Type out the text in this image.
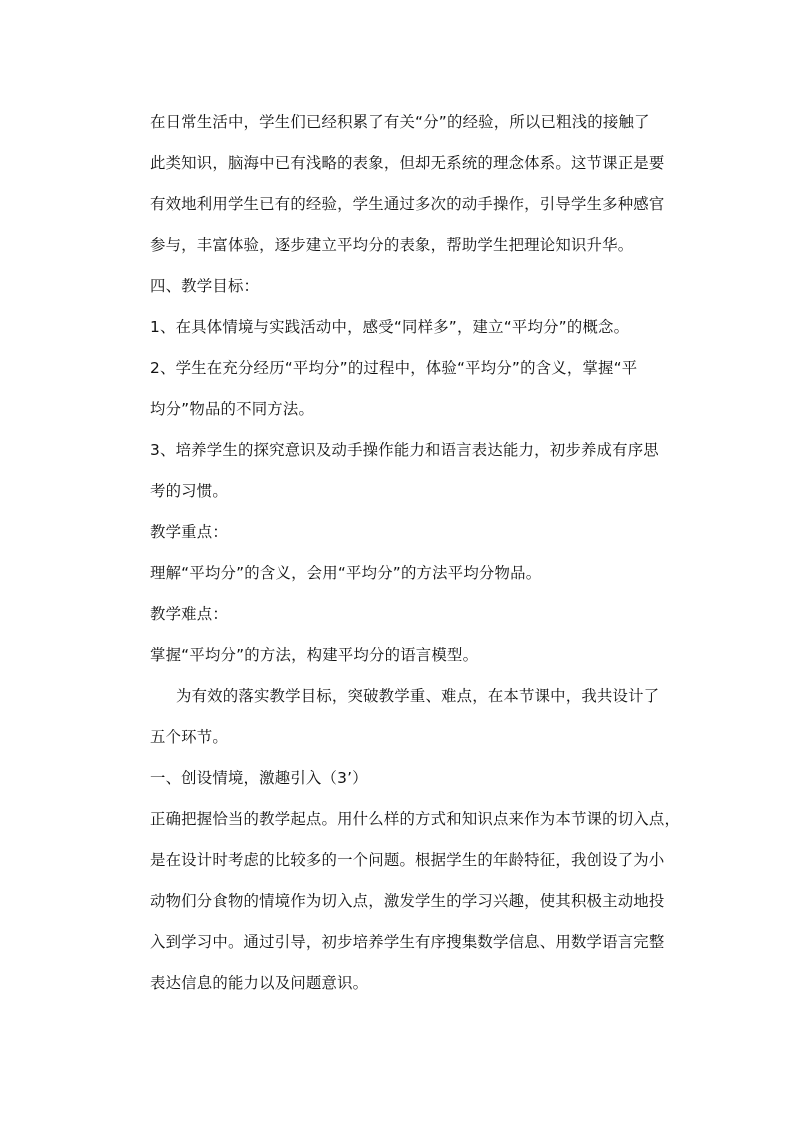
在日常生活中，学生们已经积累了有关“分”的经验，所以已粗浅的接触了
此类知识，脑海中已有浅略的表象，但却无系统的理念体系。这节课正是要
有效地利用学生已有的经验，学生通过多次的动手操作，引导学生多种感官
参与，丰富体验，逐步建立平均分的表象，帮助学生把理论知识升华。
四、教学目标：
1、在具体情境与实践活动中，感受“同样多”，建立“平均分”的概念。
2、学生在充分经历“平均分”的过程中，体验“平均分”的含义，掌握“平
均分”物品的不同方法。
3、培养学生的探究意识及动手操作能力和语言表达能力，初步养成有序思
考的习惯。
教学重点：
理解“平均分”的含义，会用“平均分”的方法平均分物品。
教学难点：
掌握“平均分”的方法，构建平均分的语言模型。
为有效的落实教学目标，突破教学重、难点，在本节课中，我共设计了
五个环节。
一、创设情境，激趣引入（3’）
正确把握恰当的教学起点。用什么样的方式和知识点来作为本节课的切入点，
是在设计时考虑的比较多的一个问题。根据学生的年龄特征，我创设了为小
动物们分食物的情境作为切入点，激发学生的学习兴趣，使其积极主动地投
入到学习中。通过引导，初步培养学生有序搜集数学信息、用数学语言完整
表达信息的能力以及问题意识。
